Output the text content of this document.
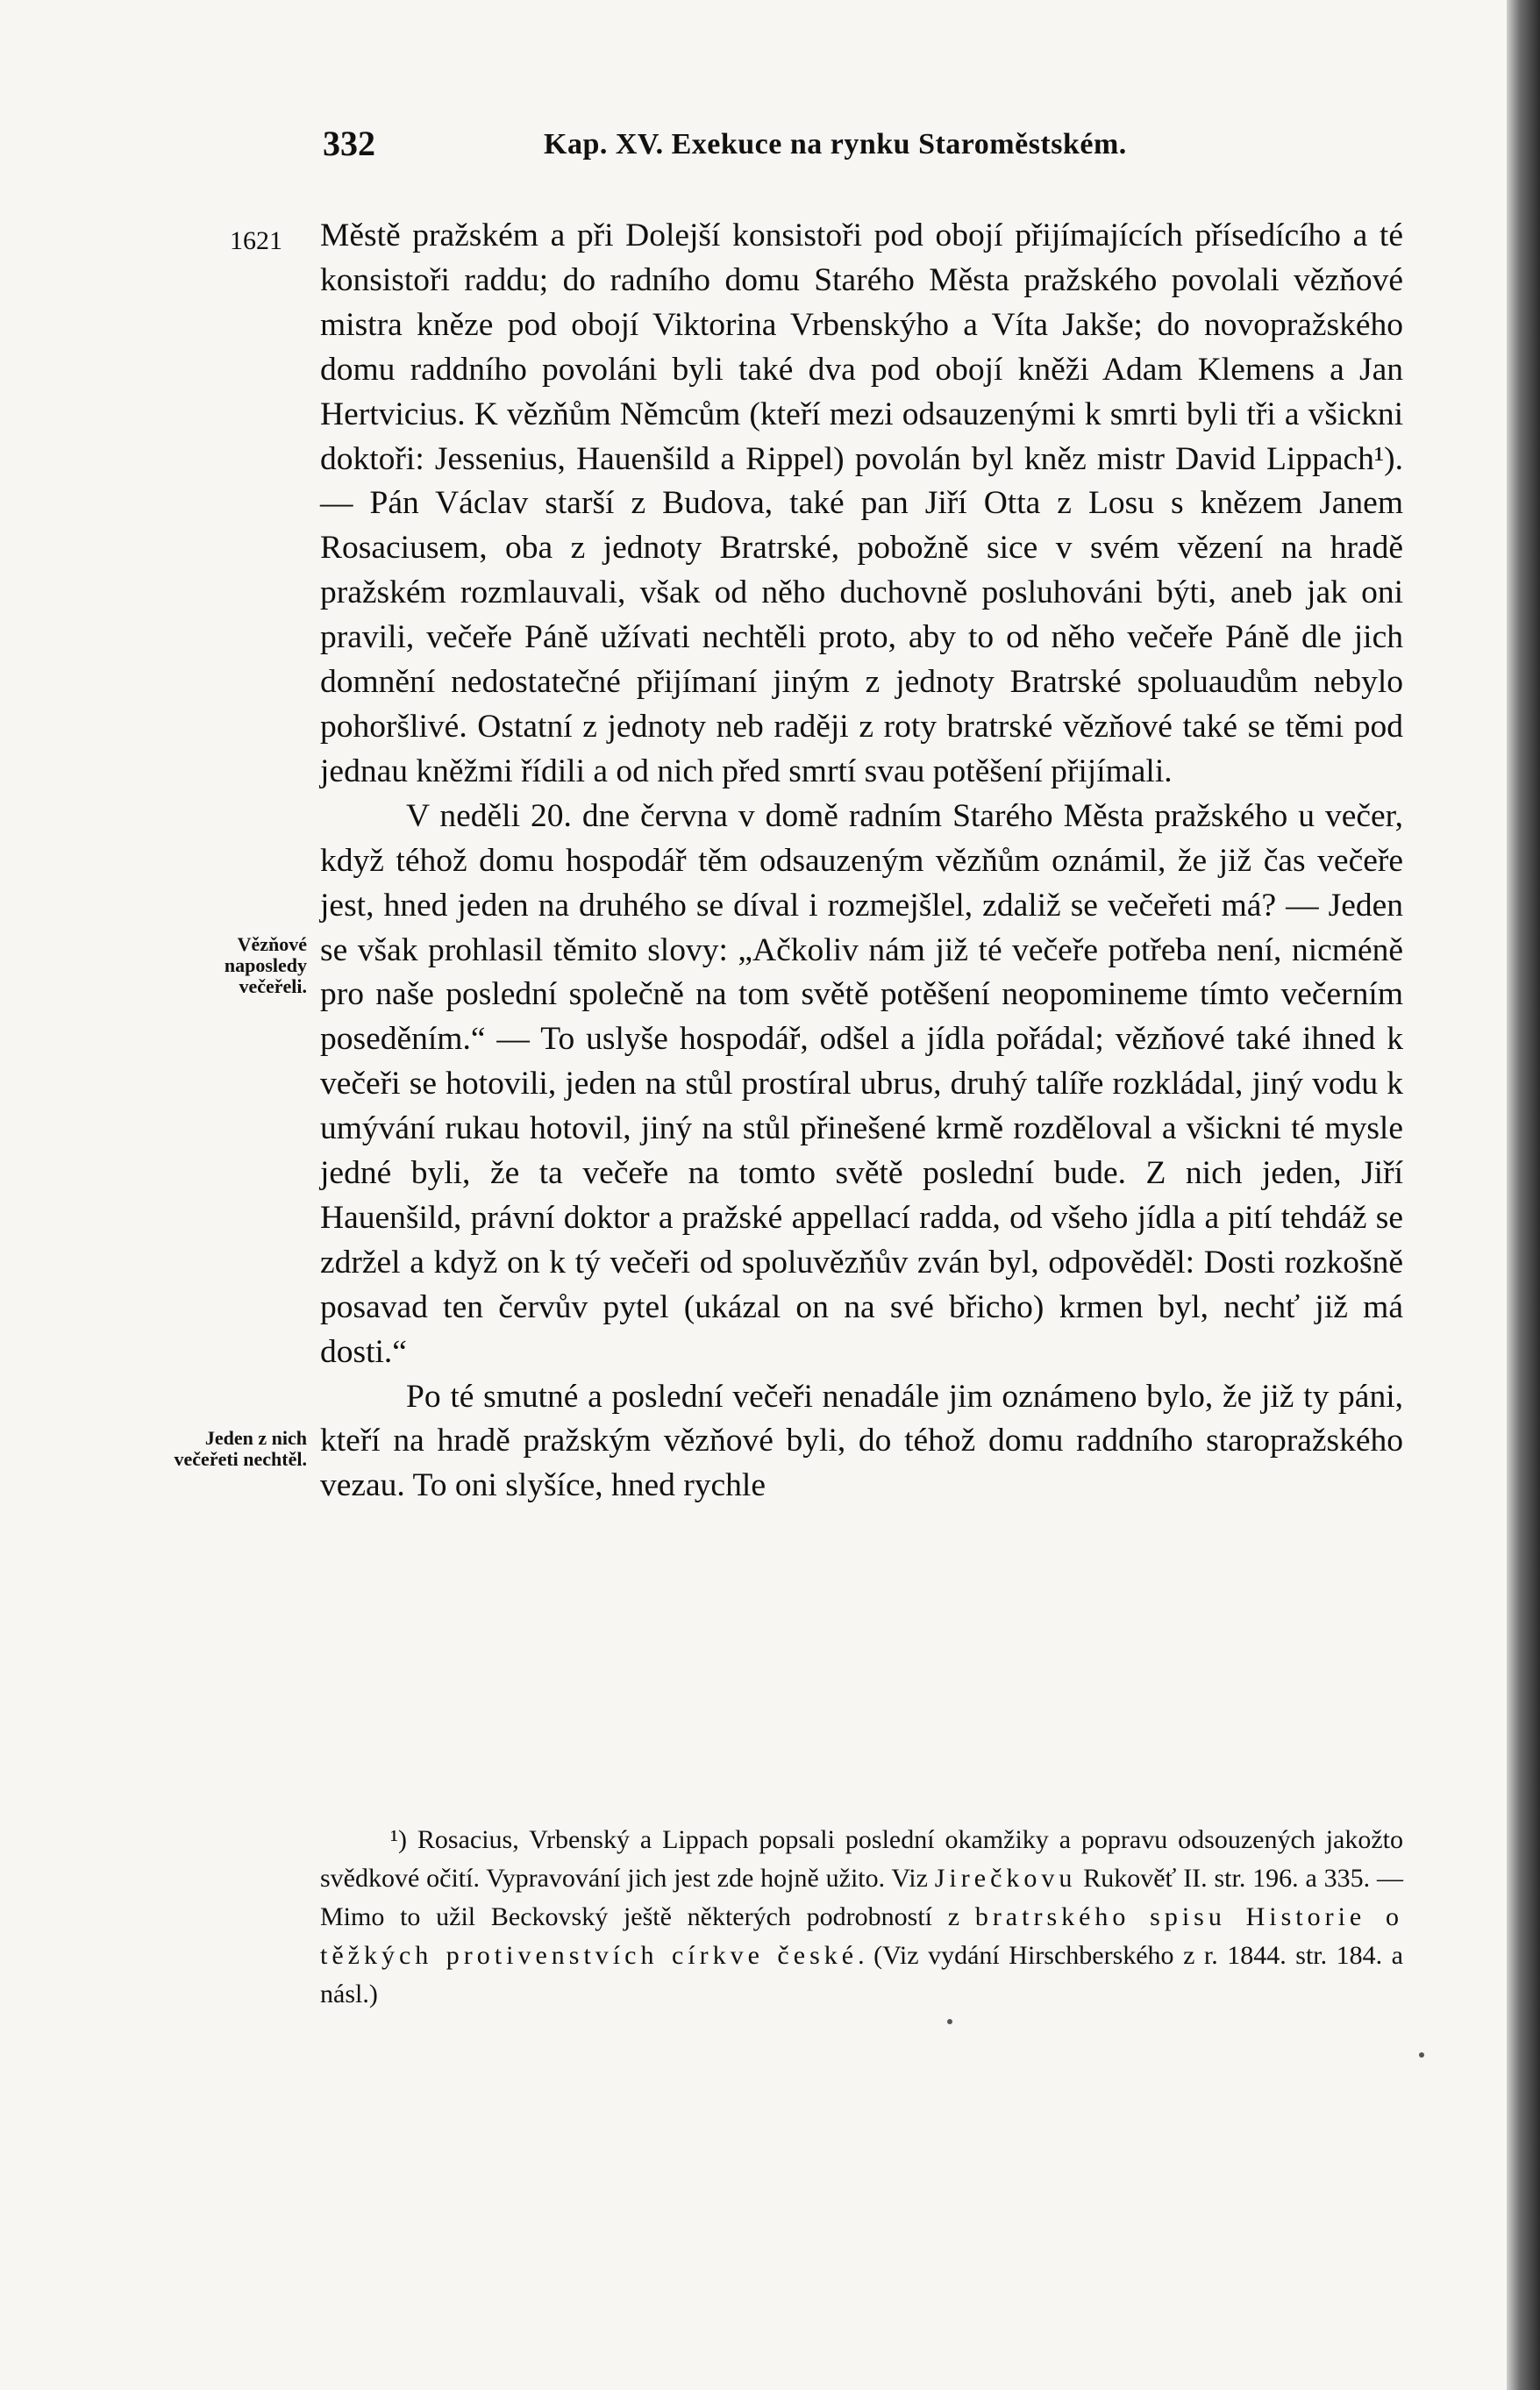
332	Kap. XV. Exekuce na rynku Staroměstském.
1621
Vězňové naposledy večeřeli.
Jeden z nich večeřeti nechtěl.

Městě pražském a při Dolejší konsistoři pod obojí přijímajících přísedícího a té konsistoři raddu; do radního domu Starého Města pražského povolali vězňové mistra kněze pod obojí Viktorina Vrbenskýho a Víta Jakše; do novopražského domu raddního povoláni byli také dva pod obojí kněži Adam Klemens a Jan Hertvicius. K vězňům Němcům (kteří mezi odsauzenými k smrti byli tři a všickni doktoři: Jessenius, Hauenšild a Rippel) povolán byl kněz mistr David Lippach¹). — Pán Václav starší z Budova, také pan Jiří Otta z Losu s knězem Janem Rosaciusem, oba z jednoty Bratrské, pobožně sice v svém vězení na hradě pražském rozmlauvali, však od něho duchovně posluhováni býti, aneb jak oni pravili, večeře Páně užívati nechtěli proto, aby to od něho večeře Páně dle jich domnění nedostatečné přijímaní jiným z jednoty Bratrské spoluaudům nebylo pohoršlivé. Ostatní z jednoty neb raději z roty bratrské vězňové také se těmi pod jednau kněžmi řídili a od nich před smrtí svau potěšení přijímali.

V neděli 20. dne června v domě radním Starého Města pražského u večer, když téhož domu hospodář těm odsauzeným vězňům oznámil, že již čas večeře jest, hned jeden na druhého se díval i rozmejšlel, zdaliž se večeřeti má? — Jeden se však prohlasil těmito slovy: „Ačkoliv nám již té večeře potřeba není, nicméně pro naše poslední společně na tom světě potěšení neopomineme tímto večerním poseděním.“ — To uslyše hospodář, odšel a jídla pořádal; vězňové také ihned k večeři se hotovili, jeden na stůl prostíral ubrus, druhý talíře rozkládal, jiný vodu k umývání rukau hotovil, jiný na stůl přinešené krmě rozděloval a všickni té mysle jedné byli, že ta večeře na tomto světě poslední bude. Z nich jeden, Jiří Hauenšild, právní doktor a pražské appellací radda, od všeho jídla a pití tehdáž se zdržel a když on k tý večeři od spoluvězňův zván byl, odpověděl: Dosti rozkošně posavad ten červův pytel (ukázal on na své břicho) krmen byl, nechť již má dosti.“

Po té smutné a poslední večeři nenadále jim oznámeno bylo, že již ty páni, kteří na hradě pražským vězňové byli, do téhož domu raddního staropražského vezau. To oni slyšíce, hned rychle

¹) Rosacius, Vrbenský a Lippach popsali poslední okamžiky a popravu odsouzených jakožto svědkové očití. Vypravování jich jest zde hojně užito. Viz Jirečkovu Rukověť II. str. 196. a 335. — Mimo to užil Beckovský ještě některých podrobností z bratrského spisu Historie o těžkých protivenstvích církve české. (Viz vydání Hirschberského z r. 1844. str. 184. a násl.)
